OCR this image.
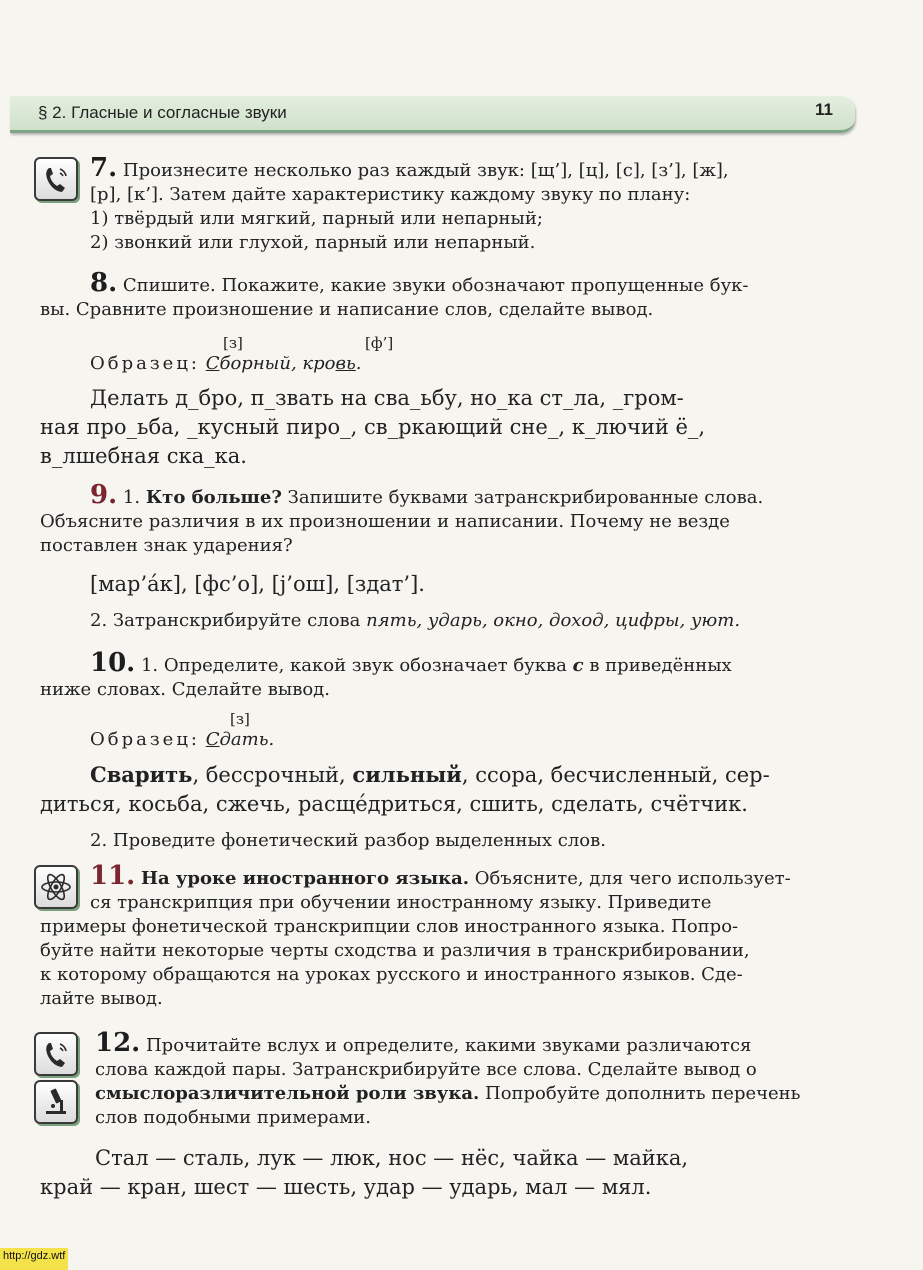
§ 2. Гласные и согласные звуки	11
7. Произнесите несколько раз каждый звук: [щ’], [ц], [с], [з’], [ж],
[р], [к’]. Затем дайте характеристику каждому звуку по плану:
1) твёрдый или мягкий, парный или непарный;
2) звонкий или глухой, парный или непарный.
8. Спишите. Покажите, какие звуки обозначают пропущенные бук-
вы. Сравните произношение и написание слов, сделайте вывод.
[з]	[ф’]
Образец: Сборный, кровь.
Делать д_бро, п_звать на сва_ьбу, но_ка ст_ла, _гром-
ная про_ьба, _кусный пиро_, св_ркающий сне_, к_лючий ё_,
в_лшебная ска_ка.
9. 1. Кто больше? Запишите буквами затранскрибированные слова.
Объясните различия в их произношении и написании. Почему не везде
поставлен знак ударения?
[мар’а́к], [фс’о], [j’ош], [здат’].
2. Затранскрибируйте слова пять, ударь, окно, доход, цифры, уют.
10. 1. Определите, какой звук обозначает буква с в приведённых
ниже словах. Сделайте вывод.
[з]
Образец: Сдать.
Сварить, бессрочный, сильный, ссора, бесчисленный, сер-
диться, косьба, сжечь, расще́дриться, сшить, сделать, счётчик.
2. Проведите фонетический разбор выделенных слов.
11. На уроке иностранного языка. Объясните, для чего использует-
ся транскрипция при обучении иностранному языку. Приведите
примеры фонетической транскрипции слов иностранного языка. Попро-
буйте найти некоторые черты сходства и различия в транскрибировании,
к которому обращаются на уроках русского и иностранного языков. Сде-
лайте вывод.
12. Прочитайте вслух и определите, какими звуками различаются
слова каждой пары. Затранскрибируйте все слова. Сделайте вывод о
смыслоразличительной роли звука. Попробуйте дополнить перечень
слов подобными примерами.
Стал — сталь, лук — люк, нос — нёс, чайка — майка,
край — кран, шест — шесть, удар — ударь, мал — мял.
http://gdz.wtf
